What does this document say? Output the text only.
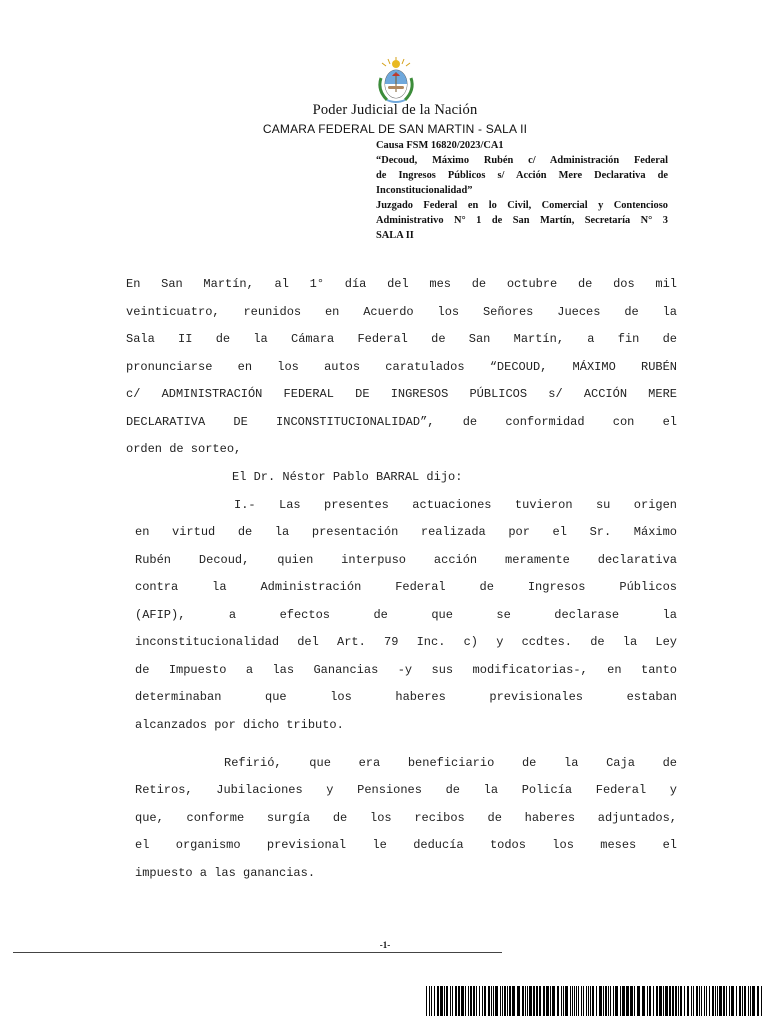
Poder Judicial de la Nación
CAMARA FEDERAL DE SAN MARTIN - SALA II
Causa FSM 16820/2023/CA1
“Decoud, Máximo Rubén c/ Administración Federal
de Ingresos Públicos s/ Acción Mere Declarativa de
Inconstitucionalidad”
Juzgado Federal en lo Civil, Comercial y Contencioso
Administrativo N° 1 de San Martín, Secretaría N° 3
SALA II
En San Martín, al 1° día del mes de octubre de dos mil
veinticuatro, reunidos en Acuerdo los Señores Jueces de la
Sala II de la Cámara Federal de San Martín, a fin de
pronunciarse en los autos caratulados “DECOUD, MÁXIMO RUBÉN
c/ ADMINISTRACIÓN FEDERAL DE INGRESOS PÚBLICOS s/ ACCIÓN MERE
DECLARATIVA DE INCONSTITUCIONALIDAD”, de conformidad con el
orden de sorteo,
El Dr. Néstor Pablo BARRAL dijo:
I.- Las presentes actuaciones tuvieron su origen
en virtud de la presentación realizada por el Sr. Máximo
Rubén Decoud, quien interpuso acción meramente declarativa
contra la Administración Federal de Ingresos Públicos
(AFIP), a efectos de que se declarase la
inconstitucionalidad del Art. 79 Inc. c) y ccdtes. de la Ley
de Impuesto a las Ganancias -y sus modificatorias-, en tanto
determinaban que los haberes previsionales estaban
alcanzados por dicho tributo.
Refirió, que era beneficiario de la Caja de
Retiros, Jubilaciones y Pensiones de la Policía Federal y
que, conforme surgía de los recibos de haberes adjuntados,
el organismo previsional le deducía todos los meses el
impuesto a las ganancias.
-1-
